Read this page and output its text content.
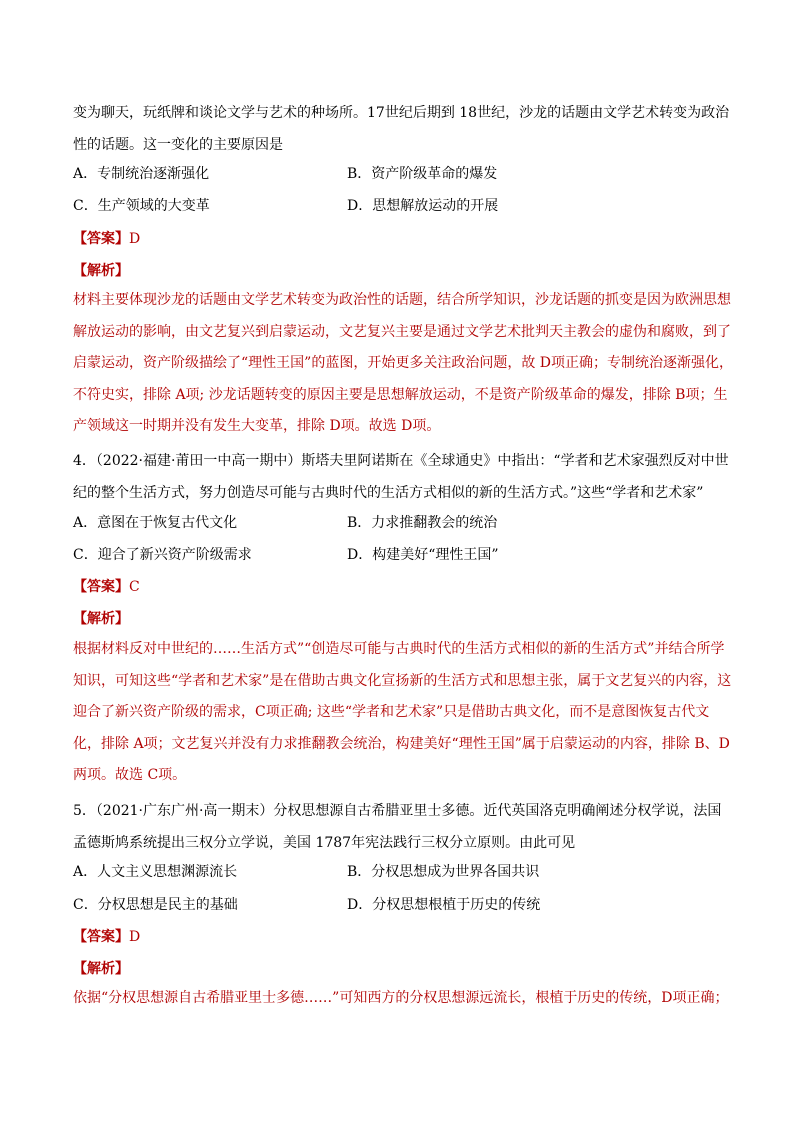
变为聊天，玩纸牌和谈论文学与艺术的种场所。17世纪后期到 18世纪，沙龙的话题由文学艺术转变为政治性的话题。这一变化的主要原因是

A．专制统治逐渐强化	B．资产阶级革命的爆发
C．生产领域的大变革	D．思想解放运动的开展
【答案】D
【解析】

材料主要体现沙龙的话题由文学艺术转变为政治性的话题，结合所学知识，沙龙话题的抓变是因为欧洲思想解放运动的影响，由文艺复兴到启蒙运动，文艺复兴主要是通过文学艺术批判天主教会的虚伪和腐败，到了启蒙运动，资产阶级描绘了“理性王国”的蓝图，开始更多关注政治问题，故 D项正确；专制统治逐渐强化，不符史实，排除 A项; 沙龙话题转变的原因主要是思想解放运动，不是资产阶级革命的爆发，排除 B项；生产领域这一时期并没有发生大变革，排除 D项。故选 D项。

4．（2022·福建·莆田一中高一期中）斯塔夫里阿诺斯在《全球通史》中指出：“学者和艺术家强烈反对中世纪的整个生活方式，努力创造尽可能与古典时代的生活方式相似的新的生活方式。”这些“学者和艺术家”

A．意图在于恢复古代文化	B．力求推翻教会的统治
C．迎合了新兴资产阶级需求	D．构建美好“理性王国”
【答案】C
【解析】

根据材料反对中世纪的……生活方式”“创造尽可能与古典时代的生活方式相似的新的生活方式”并结合所学知识，可知这些“学者和艺术家”是在借助古典文化宣扬新的生活方式和思想主张，属于文艺复兴的内容，这迎合了新兴资产阶级的需求，C项正确; 这些“学者和艺术家”只是借助古典文化，而不是意图恢复古代文化，排除 A项；文艺复兴并没有力求推翻教会统治，构建美好“理性王国”属于启蒙运动的内容，排除 B、D两项。故选 C项。

5．（2021·广东广州·高一期末）分权思想源自古希腊亚里士多德。近代英国洛克明确阐述分权学说，法国孟德斯鸠系统提出三权分立学说，美国 1787年宪法践行三权分立原则。由此可见

A．人文主义思想渊源流长	B．分权思想成为世界各国共识
C．分权思想是民主的基础	D．分权思想根植于历史的传统
【答案】D
【解析】

依据“分权思想源自古希腊亚里士多德……”可知西方的分权思想源远流长，根植于历史的传统，D项正确；
